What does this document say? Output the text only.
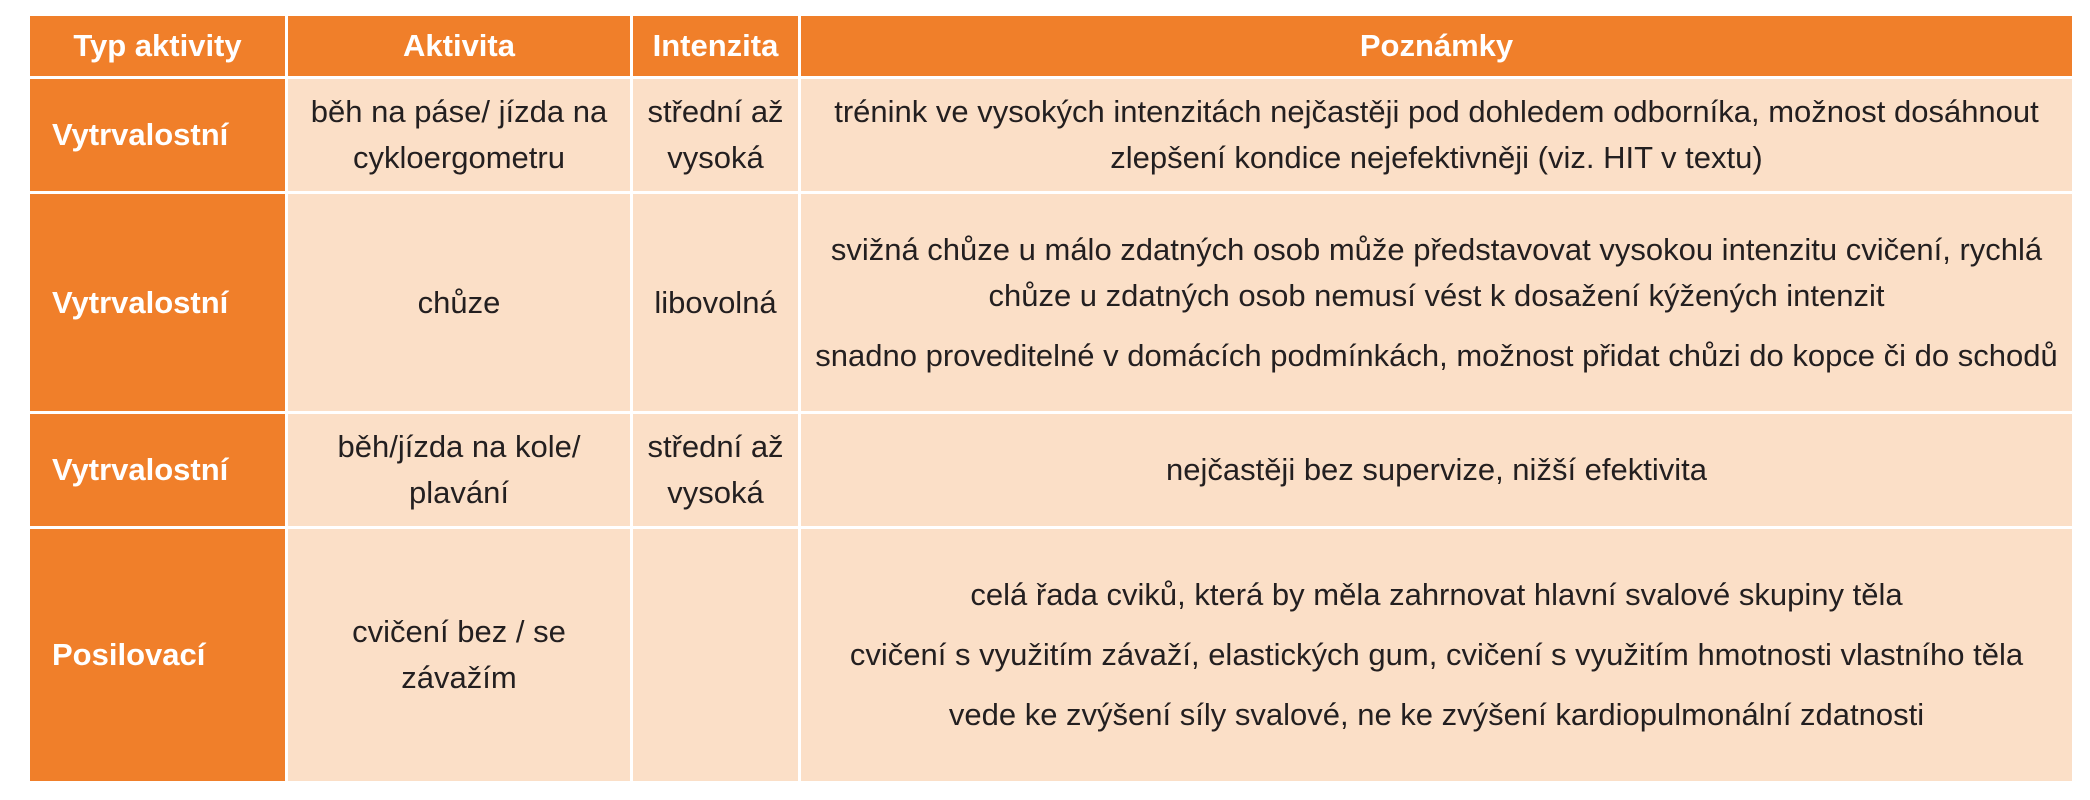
Typ aktivity	Aktivita	Intenzita	Poznámky
Vytrvalostní	běh na páse/ jízda na cykloergometru	střední až vysoká	trénink ve vysokých intenzitách nejčastěji pod dohledem odborníka, možnost dosáhnout zlepšení kondice nejefektivněji (viz. HIT v textu)

Vytrvalostní	chůze	libovolná	svižná chůze u málo zdatných osob může představovat vysokou intenzitu cvičení, rychlá chůze u zdatných osob nemusí vést k dosažení kýžených intenzit
snadno proveditelné v domácích podmínkách, možnost přidat chůzi do kopce či do schodů

Vytrvalostní	běh/jízda na kole/ plavání	střední až vysoká	nejčastěji bez supervize, nižší efektivita

Posilovací	cvičení bez / se závažím		celá řada cviků, která by měla zahrnovat hlavní svalové skupiny těla
cvičení s využitím závaží, elastických gum, cvičení s využitím hmotnosti vlastního těla
vede ke zvýšení síly svalové, ne ke zvýšení kardiopulmonální zdatnosti
